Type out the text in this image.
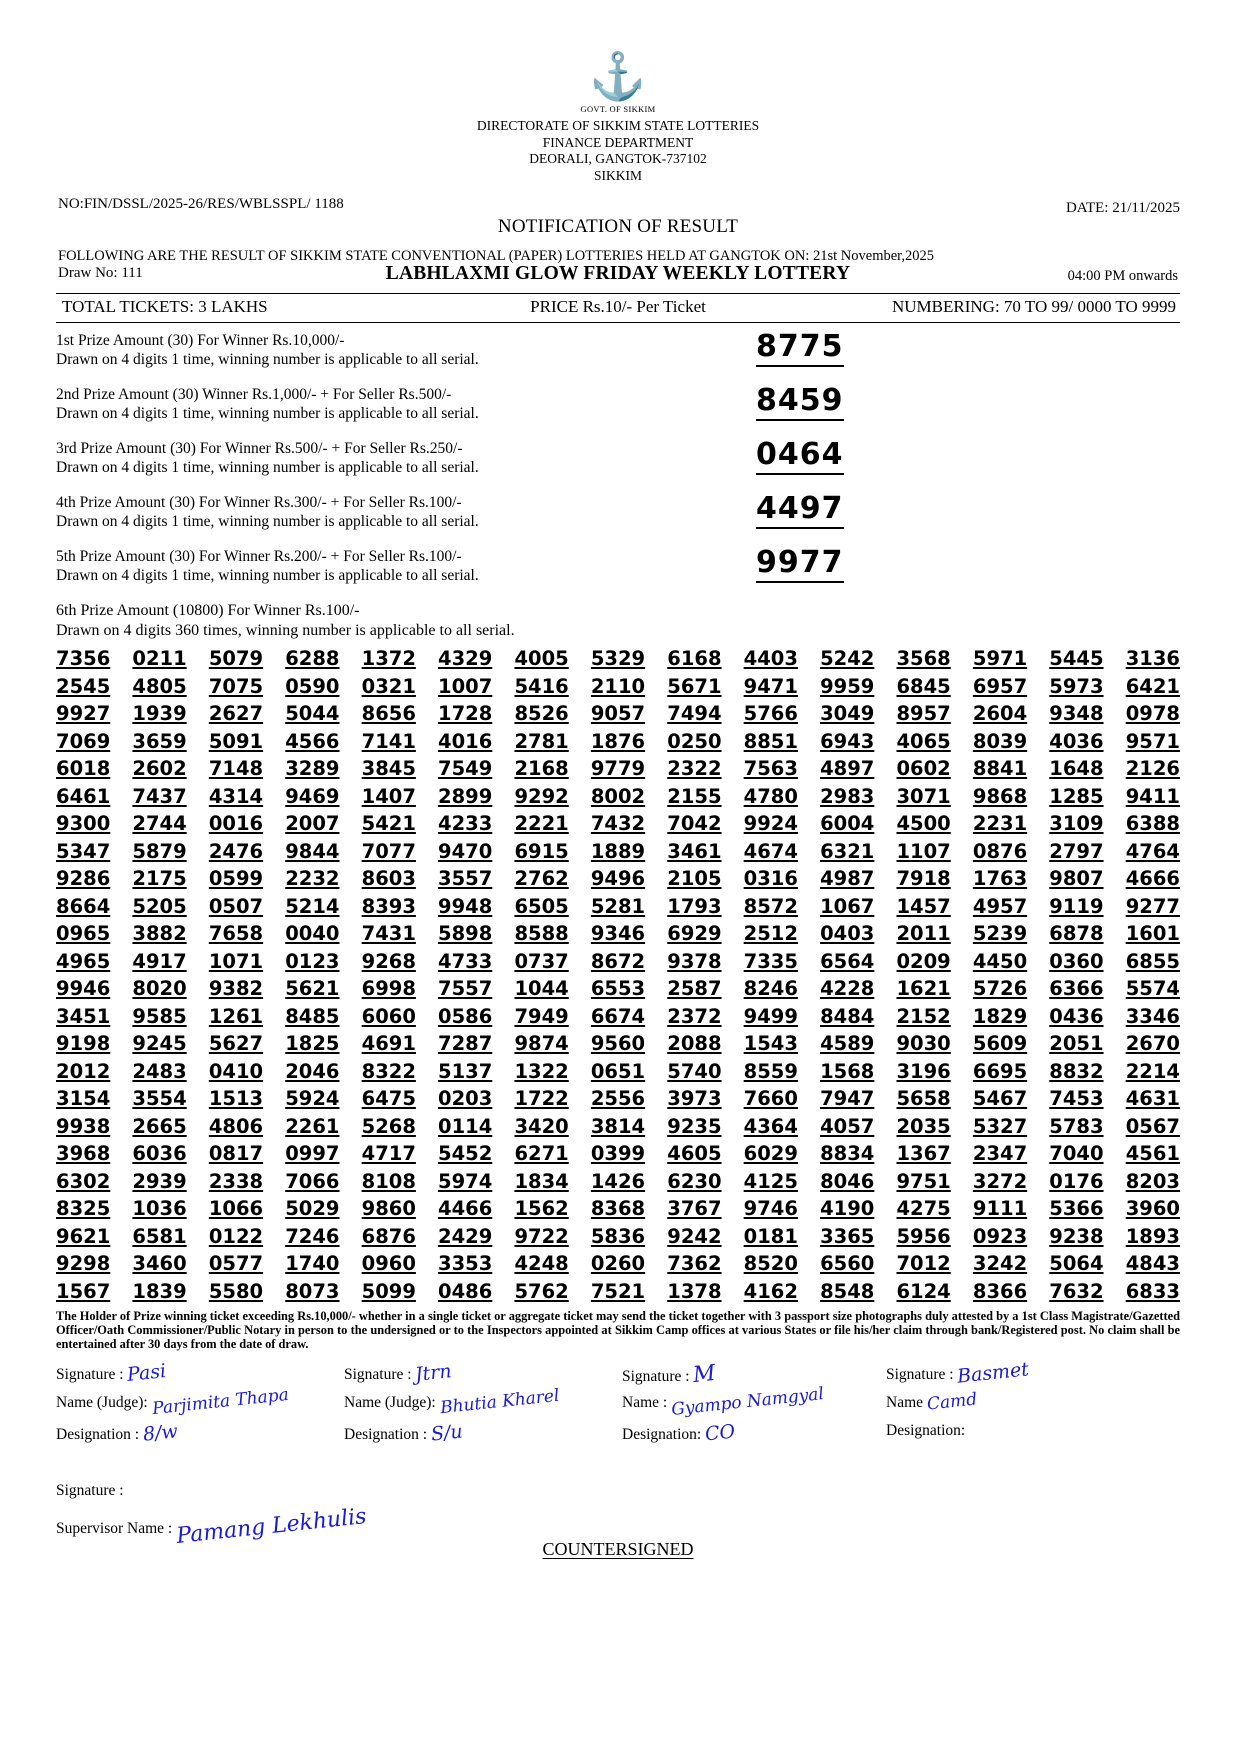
⚓
GOVT. OF SIKKIM
DIRECTORATE OF SIKKIM STATE LOTTERIES
FINANCE DEPARTMENT
DEORALI, GANGTOK-737102
SIKKIM
NO:FIN/DSSL/2025-26/RES/WBLSSPL/ 1188	DATE: 21/11/2025
NOTIFICATION OF RESULT
FOLLOWING ARE THE RESULT OF SIKKIM STATE CONVENTIONAL (PAPER) LOTTERIES HELD AT GANGTOK ON: 21st November,2025
Draw No: 111	LABHLAXMI GLOW FRIDAY WEEKLY LOTTERY	04:00 PM onwards
TOTAL TICKETS: 3 LAKHS	PRICE Rs.10/- Per Ticket	NUMBERING: 70 TO 99/ 0000 TO 9999
1st Prize Amount (30) For Winner Rs.10,000/-
Drawn on 4 digits 1 time, winning number is applicable to all serial.	8775
2nd Prize Amount (30) Winner Rs.1,000/- + For Seller Rs.500/-
Drawn on 4 digits 1 time, winning number is applicable to all serial.	8459
3rd Prize Amount (30) For Winner Rs.500/- + For Seller Rs.250/-
Drawn on 4 digits 1 time, winning number is applicable to all serial.	0464
4th Prize Amount (30) For Winner Rs.300/- + For Seller Rs.100/-
Drawn on 4 digits 1 time, winning number is applicable to all serial.	4497
5th Prize Amount (30) For Winner Rs.200/- + For Seller Rs.100/-
Drawn on 4 digits 1 time, winning number is applicable to all serial.	9977
6th Prize Amount (10800) For Winner Rs.100/-
Drawn on 4 digits 360 times, winning number is applicable to all serial.
7356 0211 5079 6288 1372 4329 4005 5329 6168 4403 5242 3568 5971 5445 3136
2545 4805 7075 0590 0321 1007 5416 2110 5671 9471 9959 6845 6957 5973 6421
9927 1939 2627 5044 8656 1728 8526 9057 7494 5766 3049 8957 2604 9348 0978
7069 3659 5091 4566 7141 4016 2781 1876 0250 8851 6943 4065 8039 4036 9571
6018 2602 7148 3289 3845 7549 2168 9779 2322 7563 4897 0602 8841 1648 2126
6461 7437 4314 9469 1407 2899 9292 8002 2155 4780 2983 3071 9868 1285 9411
9300 2744 0016 2007 5421 4233 2221 7432 7042 9924 6004 4500 2231 3109 6388
5347 5879 2476 9844 7077 9470 6915 1889 3461 4674 6321 1107 0876 2797 4764
9286 2175 0599 2232 8603 3557 2762 9496 2105 0316 4987 7918 1763 9807 4666
8664 5205 0507 5214 8393 9948 6505 5281 1793 8572 1067 1457 4957 9119 9277
0965 3882 7658 0040 7431 5898 8588 9346 6929 2512 0403 2011 5239 6878 1601
4965 4917 1071 0123 9268 4733 0737 8672 9378 7335 6564 0209 4450 0360 6855
9946 8020 9382 5621 6998 7557 1044 6553 2587 8246 4228 1621 5726 6366 5574
3451 9585 1261 8485 6060 0586 7949 6674 2372 9499 8484 2152 1829 0436 3346
9198 9245 5627 1825 4691 7287 9874 9560 2088 1543 4589 9030 5609 2051 2670
2012 2483 0410 2046 8322 5137 1322 0651 5740 8559 1568 3196 6695 8832 2214
3154 3554 1513 5924 6475 0203 1722 2556 3973 7660 7947 5658 5467 7453 4631
9938 2665 4806 2261 5268 0114 3420 3814 9235 4364 4057 2035 5327 5783 0567
3968 6036 0817 0997 4717 5452 6271 0399 4605 6029 8834 1367 2347 7040 4561
6302 2939 2338 7066 8108 5974 1834 1426 6230 4125 8046 9751 3272 0176 8203
8325 1036 1066 5029 9860 4466 1562 8368 3767 9746 4190 4275 9111 5366 3960
9621 6581 0122 7246 6876 2429 9722 5836 9242 0181 3365 5956 0923 9238 1893
9298 3460 0577 1740 0960 3353 4248 0260 7362 8520 6560 7012 3242 5064 4843
1567 1839 5580 8073 5099 0486 5762 7521 1378 4162 8548 6124 8366 7632 6833
The Holder of Prize winning ticket exceeding Rs.10,000/- whether in a single ticket or aggregate ticket may send the ticket together with 3 passport size photographs duly attested by a 1st Class Magistrate/Gazetted Officer/Oath Commissioner/Public Notary in person to the undersigned or to the Inspectors appointed at Sikkim Camp offices at various States or file his/her claim through bank/Registered post. No claim shall be entertained after 30 days from the date of draw.
Signature : Pasi
Name (Judge): Parjimita Thapa
Designation : 8/w
Signature : Jtrn
Name (Judge): Bhutia Kharel
Designation : S/u
Signature : M
Name : Gyampo Namgyal
Designation: CO
Signature : Basmet
Name Camd
Designation:
Signature :
Supervisor Name : Pamang Lekhulis
COUNTERSIGNED
